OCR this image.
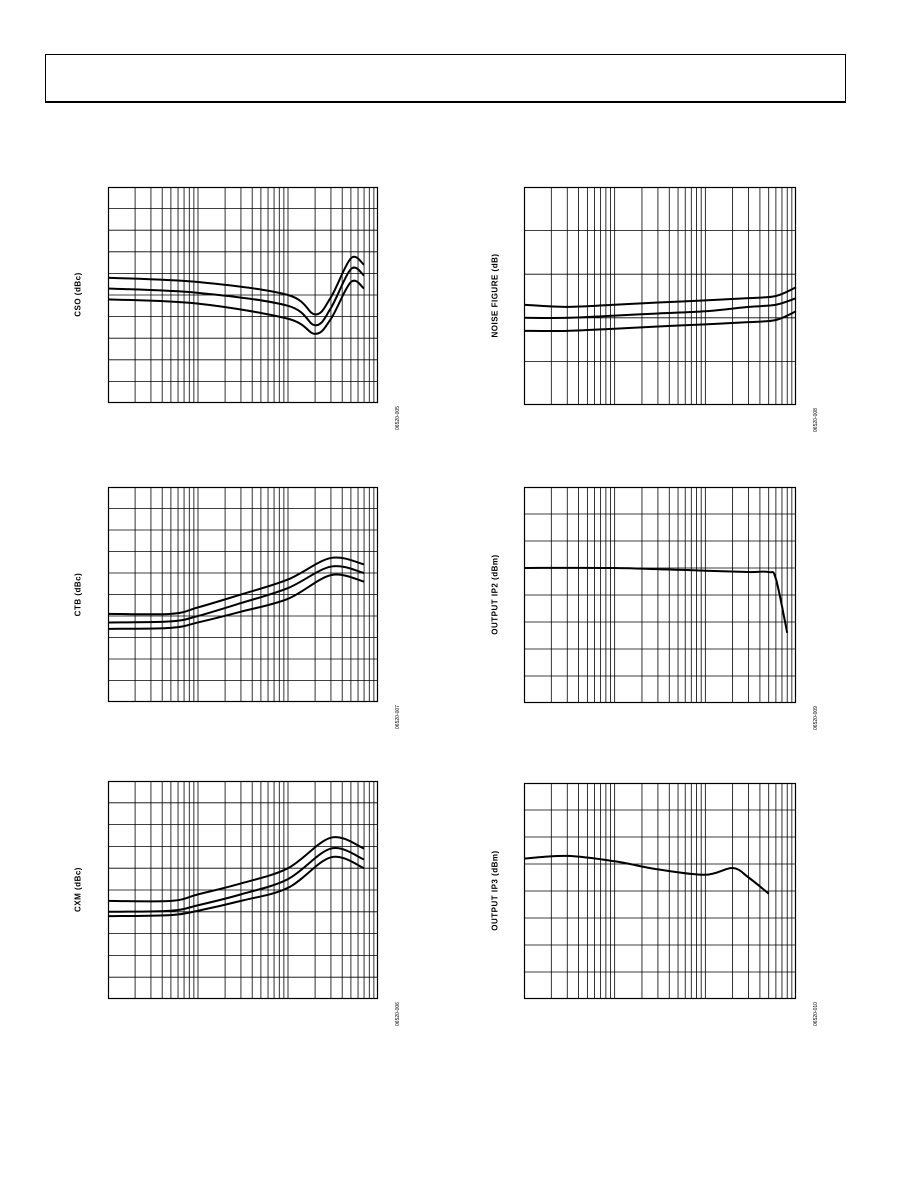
CSO (dBc)
06520-005
NOISE FIGURE (dB)
06520-008
CTB (dBc)
06520-007
OUTPUT IP2 (dBm)
06520-009
CXM (dBc)
06520-006
OUTPUT IP3 (dBm)
06520-010
